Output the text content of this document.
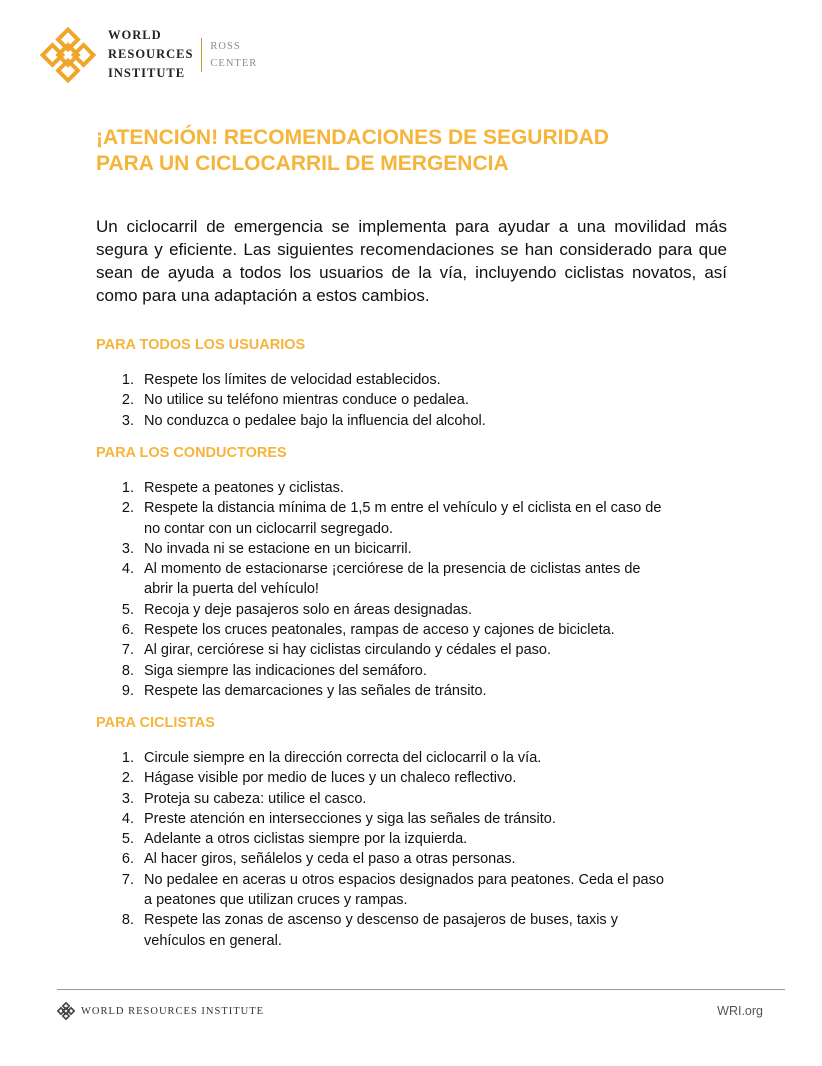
WORLD
RESOURCES
INSTITUTE
ROSS
CENTER
¡ATENCIÓN! RECOMENDACIONES DE SEGURIDAD
PARA UN CICLOCARRIL DE MERGENCIA

Un ciclocarril de emergencia se implementa para ayudar a una movilidad más segura y eficiente. Las siguientes recomendaciones se han considerado para que sean de ayuda a todos los usuarios de la vía, incluyendo ciclistas novatos, así como para una adaptación a estos cambios.

PARA TODOS LOS USUARIOS
1. Respete los límites de velocidad establecidos.
2. No utilice su teléfono mientras conduce o pedalea.
3. No conduzca o pedalee bajo la influencia del alcohol.
PARA LOS CONDUCTORES
1. Respete a peatones y ciclistas.
2. Respete la distancia mínima de 1,5 m entre el vehículo y el ciclista en el caso de
no contar con un ciclocarril segregado.
3. No invada ni se estacione en un bicicarril.
4. Al momento de estacionarse ¡cerciórese de la presencia de ciclistas antes de
abrir la puerta del vehículo!
5. Recoja y deje pasajeros solo en áreas designadas.
6. Respete los cruces peatonales, rampas de acceso y cajones de bicicleta.
7. Al girar, cerciórese si hay ciclistas circulando y cédales el paso.
8. Siga siempre las indicaciones del semáforo.
9. Respete las demarcaciones y las señales de tránsito.
PARA CICLISTAS
1. Circule siempre en la dirección correcta del ciclocarril o la vía.
2. Hágase visible por medio de luces y un chaleco reflectivo.
3. Proteja su cabeza: utilice el casco.
4. Preste atención en intersecciones y siga las señales de tránsito.
5. Adelante a otros ciclistas siempre por la izquierda.
6. Al hacer giros, señálelos y ceda el paso a otras personas.
7. No pedalee en aceras u otros espacios designados para peatones. Ceda el paso
a peatones que utilizan cruces y rampas.
8. Respete las zonas de ascenso y descenso de pasajeros de buses, taxis y
vehículos en general.
WORLD RESOURCES INSTITUTE	WRI.org
